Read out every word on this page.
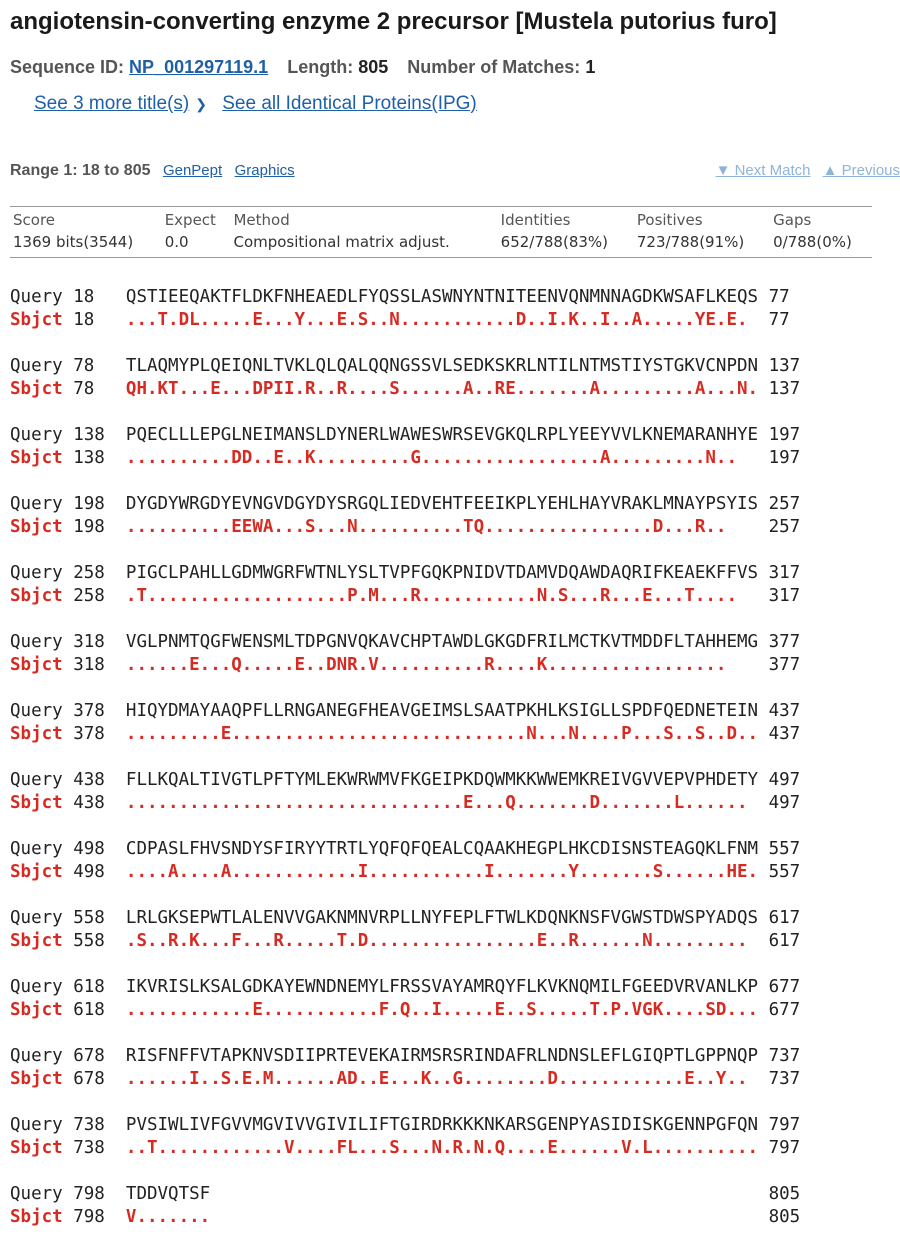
angiotensin-converting enzyme 2 precursor [Mustela putorius furo]
Sequence ID: NP_001297119.1 Length: 805 Number of Matches: 1
See 3 more title(s) ❯ See all Identical Proteins(IPG)
Range 1: 18 to 805 GenPept Graphics	▼ Next Match ▲ Previous
Score	Expect	Method	Identities	Positives	Gaps
1369 bits(3544)	0.0	Compositional matrix adjust.	652/788(83%)	723/788(91%)	0/788(0%)
Query 18   QSTIEEQAKTFLDKFNHEAEDLFYQSSLASWNYNTNITEENVQNMNNAGDKWSAFLKEQS 77
Sbjct 18   ...T.DL.....E...Y...E.S..N...........D..I.K..I..A.....YE.E.  77
Query 78   TLAQMYPLQEIQNLTVKLQLQALQQNGSSVLSEDKSKRLNTILNTMSTIYSTGKVCNPDN 137
Sbjct 78   QH.KT...E...DPII.R..R....S......A..RE.......A.........A...N. 137
Query 138  PQECLLLEPGLNEIMANSLDYNERLWAWESWRSEVGKQLRPLYEEYVVLKNEMARANHYE 197
Sbjct 138  ..........DD..E..K.........G.................A.........N..   197
Query 198  DYGDYWRGDYEVNGVDGYDYSRGQLIEDVEHTFEEIKPLYEHLHAYVRAKLMNAYPSYIS 257
Sbjct 198  ..........EEWA...S...N..........TQ................D...R..    257
Query 258  PIGCLPAHLLGDMWGRFWTNLYSLTVPFGQKPNIDVTDAMVDQAWDAQRIFKEAEKFFVS 317
Sbjct 258  .T...................P.M...R...........N.S...R...E...T....   317
Query 318  VGLPNMTQGFWENSMLTDPGNVQKAVCHPTAWDLGKGDFRILMCTKVTMDDFLTAHHEMG 377
Sbjct 318  ......E...Q.....E..DNR.V..........R....K.................    377
Query 378  HIQYDMAYAAQPFLLRNGANEGFHEAVGEIMSLSAATPKHLKSIGLLSPDFQEDNETEIN 437
Sbjct 378  .........E............................N...N....P...S..S..D.. 437
Query 438  FLLKQALTIVGTLPFTYMLEKWRWMVFKGEIPKDQWMKKWWEMKREIVGVVEPVPHDETY 497
Sbjct 438  ................................E...Q.......D.......L......  497
Query 498  CDPASLFHVSNDYSFIRYYTRTLYQFQFQEALCQAAKHEGPLHKCDISNSTEAGQKLFNM 557
Sbjct 498  ....A....A............I...........I.......Y.......S......HE. 557
Query 558  LRLGKSEPWTLALENVVGAKNMNVRPLLNYFEPLFTWLKDQNKNSFVGWSTDWSPYADQS 617
Sbjct 558  .S..R.K...F...R.....T.D................E..R......N.........  617
Query 618  IKVRISLKSALGDKAYEWNDNEMYLFRSSVAYAMRQYFLKVKNQMILFGEEDVRVANLKP 677
Sbjct 618  ............E...........F.Q..I.....E..S.....T.P.VGK....SD... 677
Query 678  RISFNFFVTAPKNVSDIIPRTEVEKAIRMSRSRINDAFRLNDNSLEFLGIQPTLGPPNQP 737
Sbjct 678  ......I..S.E.M......AD..E...K..G........D............E..Y..  737
Query 738  PVSIWLIVFGVVMGVIVVGIVILIFTGIRDRKKKNKARSGENPYASIDISKGENNPGFQN 797
Sbjct 738  ..T............V....FL...S...N.R.N.Q....E......V.L.......... 797
Query 798  TDDVQTSF                                                     805
Sbjct 798  V.......                                                     805
